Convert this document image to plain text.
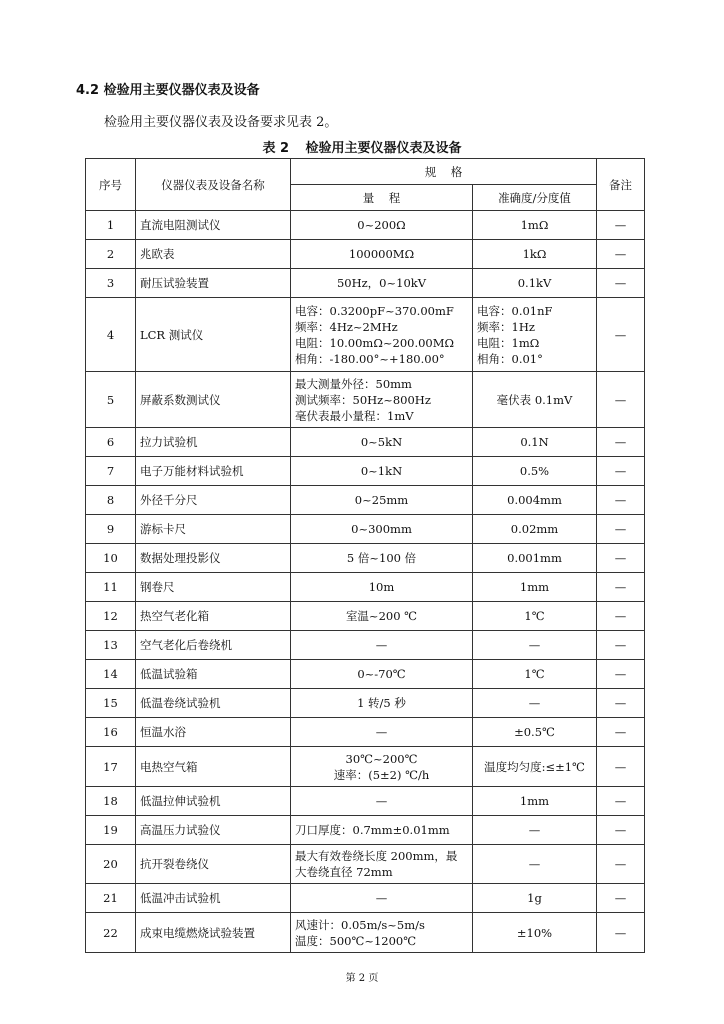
4.2 检验用主要仪器仪表及设备
检验用主要仪器仪表及设备要求见表 2。
表 2 检验用主要仪器仪表及设备
序号	仪器仪表及设备名称	规    格		备注
		量    程	准确度/分度值	
1	直流电阻测试仪	0~200Ω	1mΩ	—
2	兆欧表	100000MΩ	1kΩ	—
3	耐压试验装置	50Hz，0~10kV	0.1kV	—
4	LCR 测试仪	电容：0.3200pF~370.00mF
频率：4Hz~2MHz
电阻：10.00mΩ~200.00MΩ
相角：-180.00°~+180.00°	电容：0.01nF
频率：1Hz
电阻：1mΩ
相角：0.01°	—
5	屏蔽系数测试仪	最大测量外径：50mm
测试频率：50Hz~800Hz
毫伏表最小量程：1mV	毫伏表 0.1mV	—
6	拉力试验机	0~5kN	0.1N	—
7	电子万能材料试验机	0~1kN	0.5%	—
8	外径千分尺	0~25mm	0.004mm	—
9	游标卡尺	0~300mm	0.02mm	—
10	数据处理投影仪	5 倍~100 倍	0.001mm	—
11	钢卷尺	10m	1mm	—
12	热空气老化箱	室温~200 ℃	1℃	—
13	空气老化后卷绕机	—	—	—
14	低温试验箱	0~-70℃	1℃	—
15	低温卷绕试验机	1 转/5 秒	—	—
16	恒温水浴	—	±0.5℃	—
17	电热空气箱	30℃~200℃
速率：(5±2) ℃/h	温度均匀度:≤±1℃	—
18	低温拉伸试验机	—	1mm	—
19	高温压力试验仪	刀口厚度：0.7mm±0.01mm	—	—
20	抗开裂卷绕仪	最大有效卷绕长度 200mm，最
大卷绕直径 72mm	—	—
21	低温冲击试验机	—	1g	—
22	成束电缆燃烧试验装置	风速计：0.05m/s~5m/s
温度：500℃~1200℃	±10%	—
第 2 页
